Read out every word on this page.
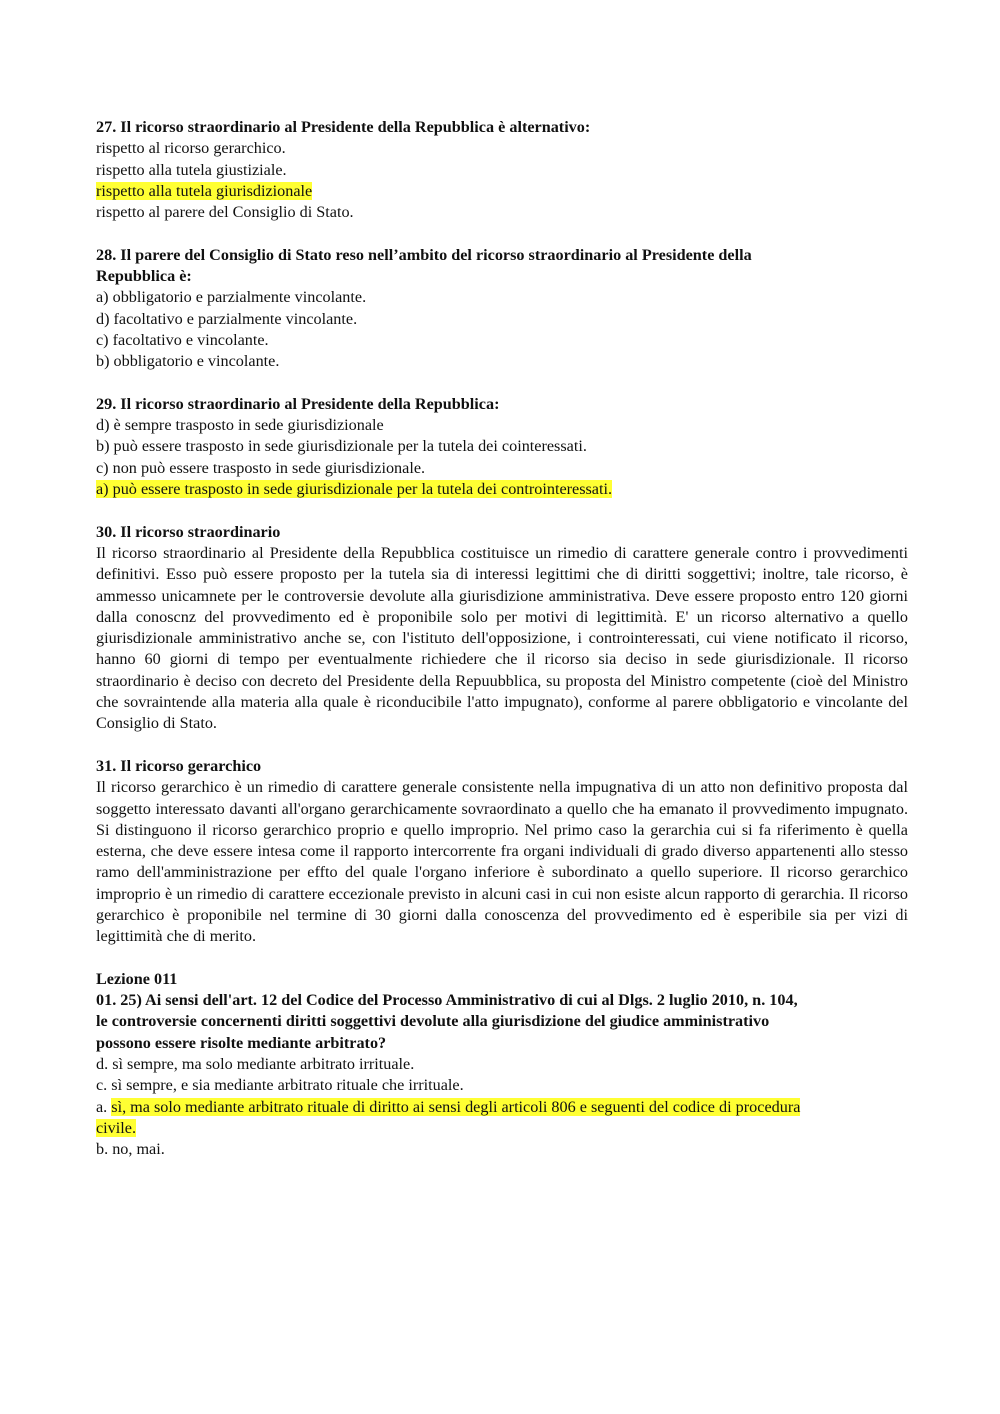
27. Il ricorso straordinario al Presidente della Repubblica è alternativo:
rispetto al ricorso gerarchico.
rispetto alla tutela giustiziale.
rispetto alla tutela giurisdizionale
rispetto al parere del Consiglio di Stato.
28. Il parere del Consiglio di Stato reso nell’ambito del ricorso straordinario al Presidente della
Repubblica è:
a) obbligatorio e parzialmente vincolante.
d) facoltativo e parzialmente vincolante.
c) facoltativo e vincolante.
b) obbligatorio e vincolante.
29. Il ricorso straordinario al Presidente della Repubblica:
d) è sempre trasposto in sede giurisdizionale
b) può essere trasposto in sede giurisdizionale per la tutela dei cointeressati.
c) non può essere trasposto in sede giurisdizionale.
a) può essere trasposto in sede giurisdizionale per la tutela dei controinteressati.
30. Il ricorso straordinario
Il ricorso straordinario al Presidente della Repubblica costituisce un rimedio di carattere generale contro i provvedimenti definitivi. Esso può essere proposto per la tutela sia di interessi legittimi che di diritti soggettivi; inoltre, tale ricorso, è ammesso unicamnete per le controversie devolute alla giurisdizione amministrativa. Deve essere proposto entro 120 giorni dalla conoscnz del provvedimento ed è proponibile solo per motivi di legittimità. E' un ricorso alternativo a quello giurisdizionale amministrativo anche se, con l'istituto dell'opposizione, i controinteressati, cui viene notificato il ricorso, hanno 60 giorni di tempo per eventualmente richiedere che il ricorso sia deciso in sede giurisdizionale. Il ricorso straordinario è deciso con decreto del Presidente della Repuubblica, su proposta del Ministro competente (cioè del Ministro che sovraintende alla materia alla quale è riconducibile l'atto impugnato), conforme al parere obbligatorio e vincolante del Consiglio di Stato.
31. Il ricorso gerarchico
Il ricorso gerarchico è un rimedio di carattere generale consistente nella impugnativa di un atto non definitivo proposta dal soggetto interessato davanti all'organo gerarchicamente sovraordinato a quello che ha emanato il provvedimento impugnato. Si distinguono il ricorso gerarchico proprio e quello improprio. Nel primo caso la gerarchia cui si fa riferimento è quella esterna, che deve essere intesa come il rapporto intercorrente fra organi individuali di grado diverso appartenenti allo stesso ramo dell'amministrazione per effto del quale l'organo inferiore è subordinato a quello superiore. Il ricorso gerarchico improprio è un rimedio di carattere eccezionale previsto in alcuni casi in cui non esiste alcun rapporto di gerarchia. Il ricorso gerarchico è proponibile nel termine di 30 giorni dalla conoscenza del provvedimento ed è esperibile sia per vizi di legittimità che di merito.
Lezione 011
01. 25) Ai sensi dell'art. 12 del Codice del Processo Amministrativo di cui al Dlgs. 2 luglio 2010, n. 104,
le controversie concernenti diritti soggettivi devolute alla giurisdizione del giudice amministrativo
possono essere risolte mediante arbitrato?
d. sì sempre, ma solo mediante arbitrato irrituale.
c. sì sempre, e sia mediante arbitrato rituale che irrituale.
a. sì, ma solo mediante arbitrato rituale di diritto ai sensi degli articoli 806 e seguenti del codice di procedura
civile.
b. no, mai.
